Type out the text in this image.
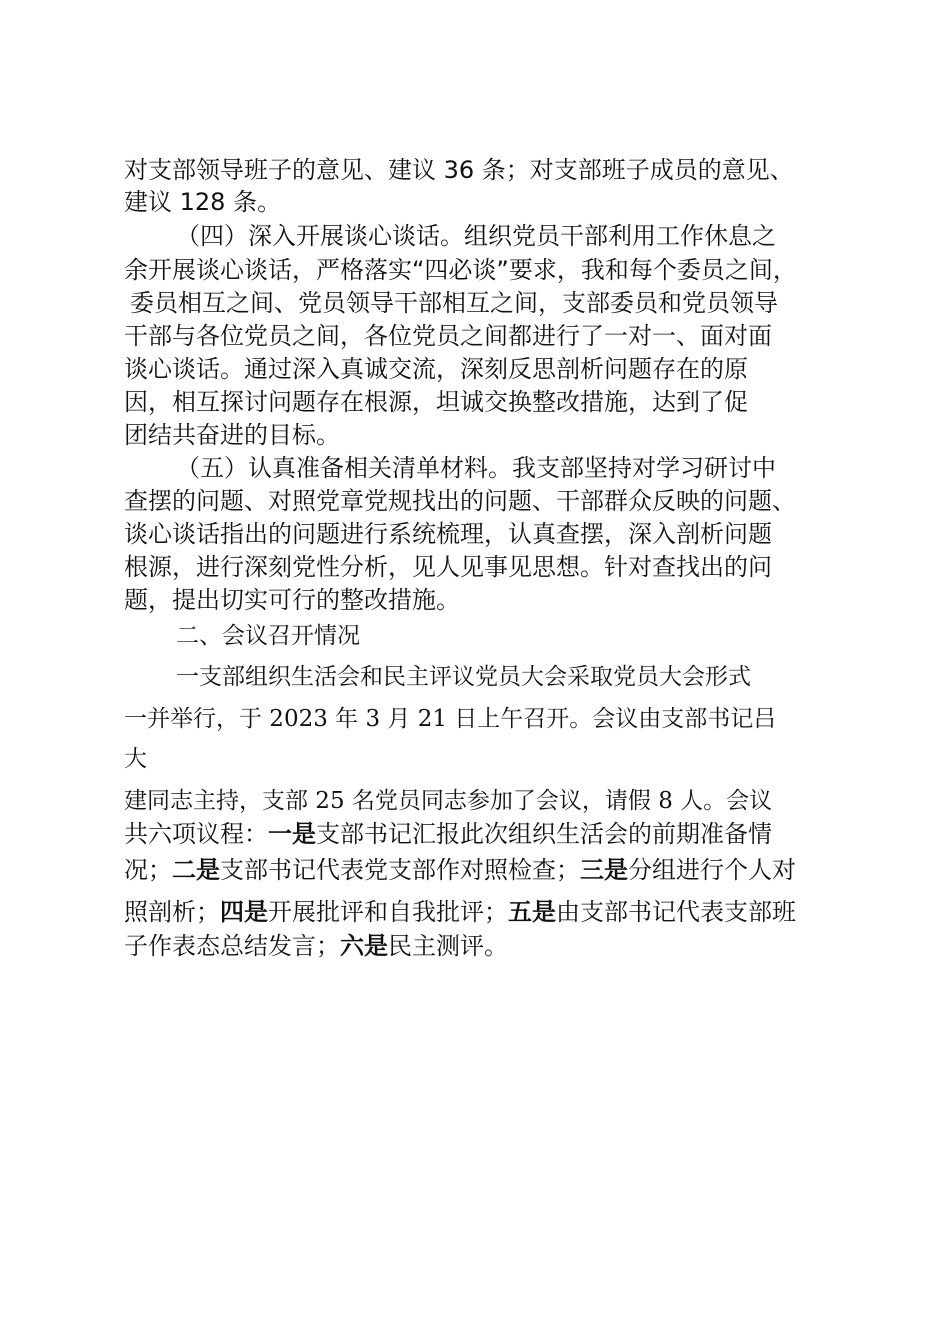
对支部领导班子的意见、建议 36 条；对支部班子成员的意见、
建议 128 条。
（四）深入开展谈心谈话。组织党员干部利用工作休息之
余开展谈心谈话，严格落实“四必谈”要求，我和每个委员之间，
委员相互之间、党员领导干部相互之间，支部委员和党员领导
干部与各位党员之间，各位党员之间都进行了一对一、面对面
谈心谈话。通过深入真诚交流，深刻反思剖析问题存在的原
因，相互探讨问题存在根源，坦诚交换整改措施，达到了促
团结共奋进的目标。
（五）认真准备相关清单材料。我支部坚持对学习研讨中
查摆的问题、对照党章党规找出的问题、干部群众反映的问题、
谈心谈话指出的问题进行系统梳理，认真查摆，深入剖析问题
根源，进行深刻党性分析，见人见事见思想。针对查找出的问
题，提出切实可行的整改措施。
二、会议召开情况
一支部组织生活会和民主评议党员大会采取党员大会形式
一并举行，于 2023 年 3 月 21 日上午召开。会议由支部书记吕
大
建同志主持，支部 25 名党员同志参加了会议，请假 8 人。会议
共六项议程：一是支部书记汇报此次组织生活会的前期准备情
况；二是支部书记代表党支部作对照检查；三是分组进行个人对
照剖析；四是开展批评和自我批评；五是由支部书记代表支部班
子作表态总结发言；六是民主测评。
